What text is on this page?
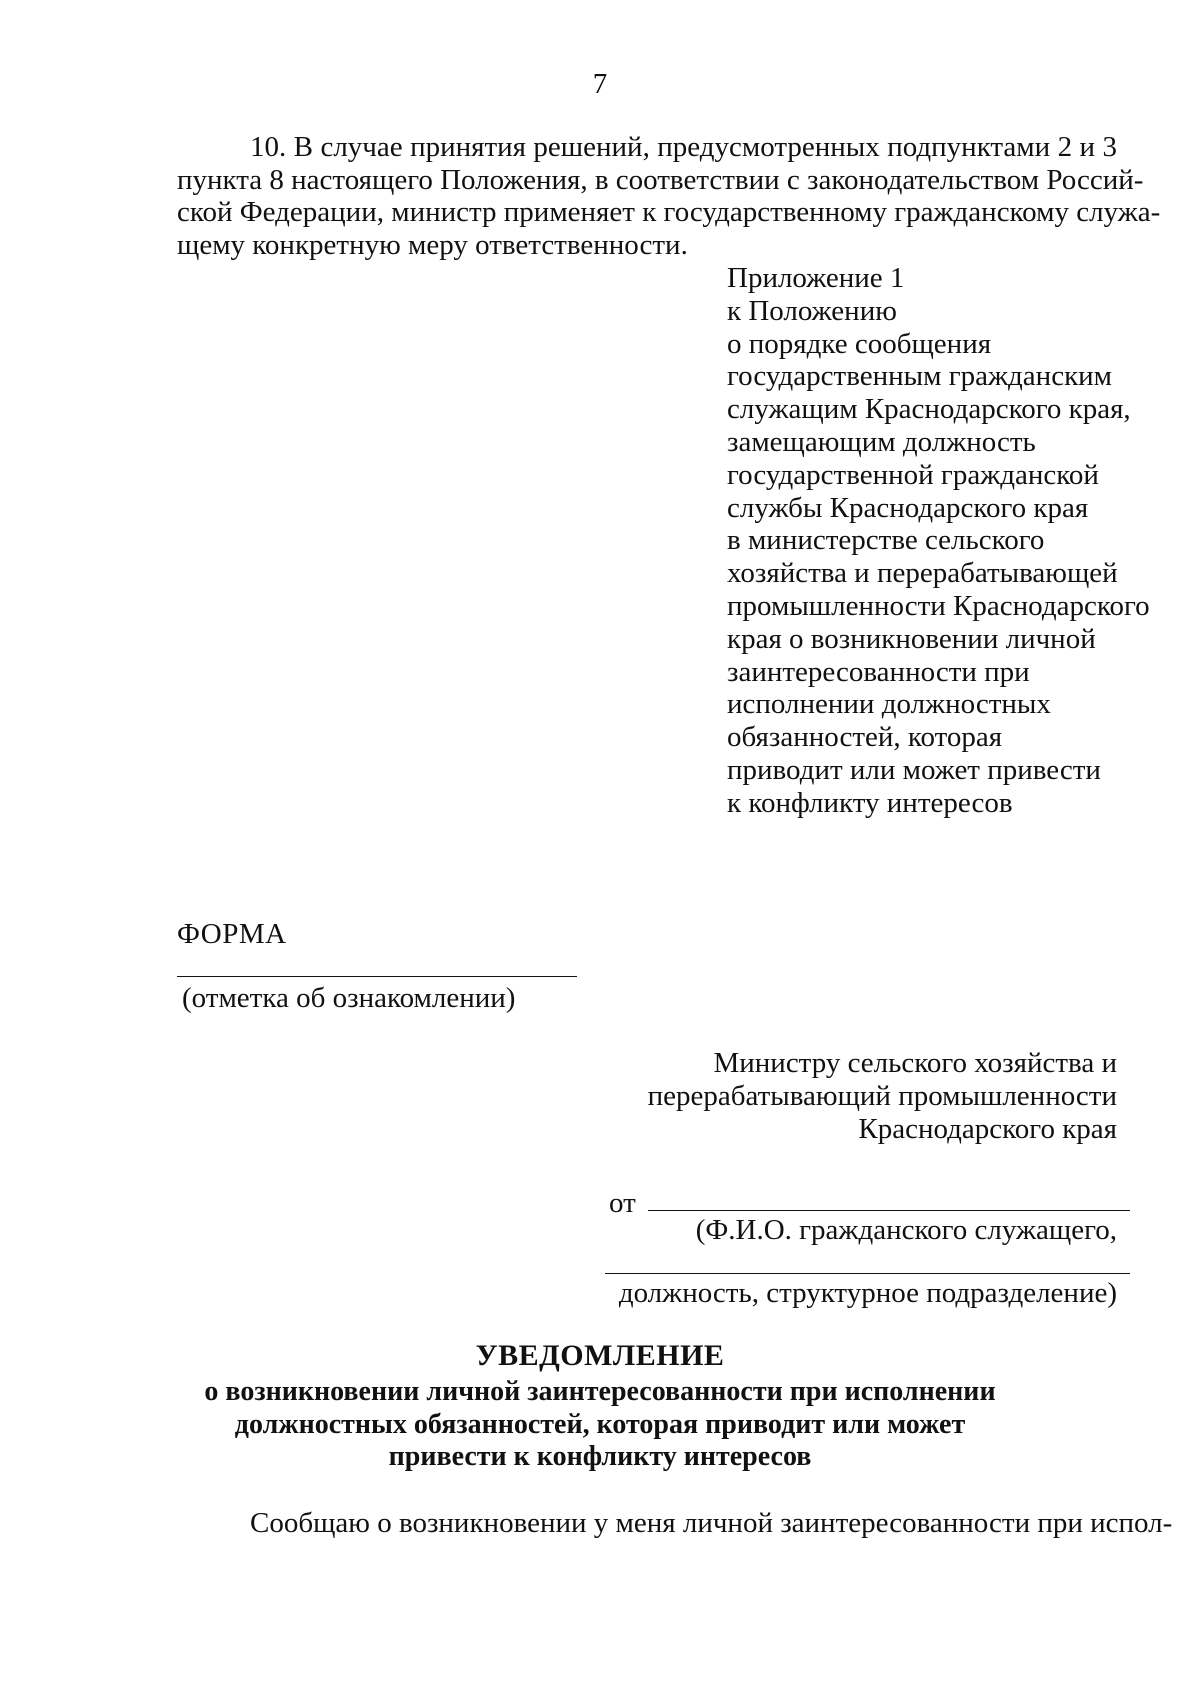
7
10. В случае принятия решений, предусмотренных подпунктами 2 и 3
пункта 8 настоящего Положения, в соответствии с законодательством Россий-
ской Федерации, министр применяет к государственному гражданскому служа-
щему конкретную меру ответственности.
Приложение 1
к Положению
о порядке сообщения
государственным гражданским
служащим Краснодарского края,
замещающим должность
государственной гражданской
службы Краснодарского края
в министерстве сельского
хозяйства и перерабатывающей
промышленности Краснодарского
края о возникновении личной
заинтересованности при
исполнении должностных
обязанностей, которая
приводит или может привести
к конфликту интересов
ФОРМА
(отметка об ознакомлении)
Министру сельского хозяйства и
перерабатывающий промышленности
Краснодарского края
от
(Ф.И.О. гражданского служащего,
должность, структурное подразделение)
УВЕДОМЛЕНИЕ
о возникновении личной заинтересованности при исполнении
должностных обязанностей, которая приводит или может
привести к конфликту интересов
Сообщаю о возникновении у меня личной заинтересованности при испол-
